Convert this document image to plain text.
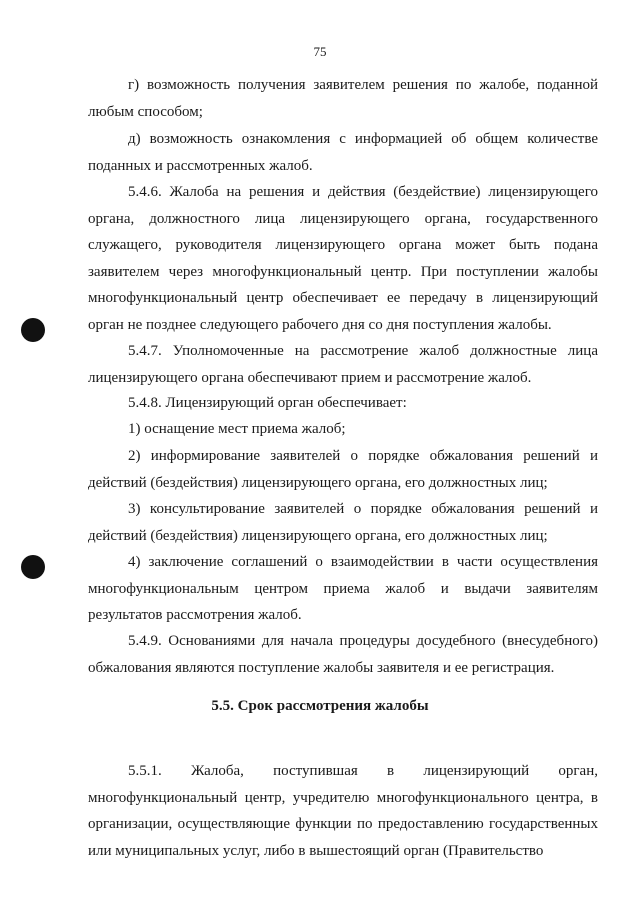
75

г) возможность получения заявителем решения по жалобе, поданной любым способом;

д) возможность ознакомления с информацией об общем количестве поданных и рассмотренных жалоб.

5.4.6. Жалоба на решения и действия (бездействие) лицензирующего органа, должностного лица лицензирующего органа, государственного служащего, руководителя лицензирующего органа может быть подана заявителем через многофункциональный центр. При поступлении жалобы многофункциональный центр обеспечивает ее передачу в лицензирующий орган не позднее следующего рабочего дня со дня поступления жалобы.

5.4.7. Уполномоченные на рассмотрение жалоб должностные лица лицензирующего органа обеспечивают прием и рассмотрение жалоб.

5.4.8. Лицензирующий орган обеспечивает:

1) оснащение мест приема жалоб;

2) информирование заявителей о порядке обжалования решений и действий (бездействия) лицензирующего органа, его должностных лиц;

3) консультирование заявителей о порядке обжалования решений и действий (бездействия) лицензирующего органа, его должностных лиц;

4) заключение соглашений о взаимодействии в части осуществления многофункциональным центром приема жалоб и выдачи заявителям результатов рассмотрения жалоб.

5.4.9. Основаниями для начала процедуры досудебного (внесудебного) обжалования являются поступление жалобы заявителя и ее регистрация.

5.5. Срок рассмотрения жалобы

5.5.1. Жалоба, поступившая в лицензирующий орган, многофункциональный центр, учредителю многофункционального центра, в организации, осуществляющие функции по предоставлению государственных или муниципальных услуг, либо в вышестоящий орган (Правительство
